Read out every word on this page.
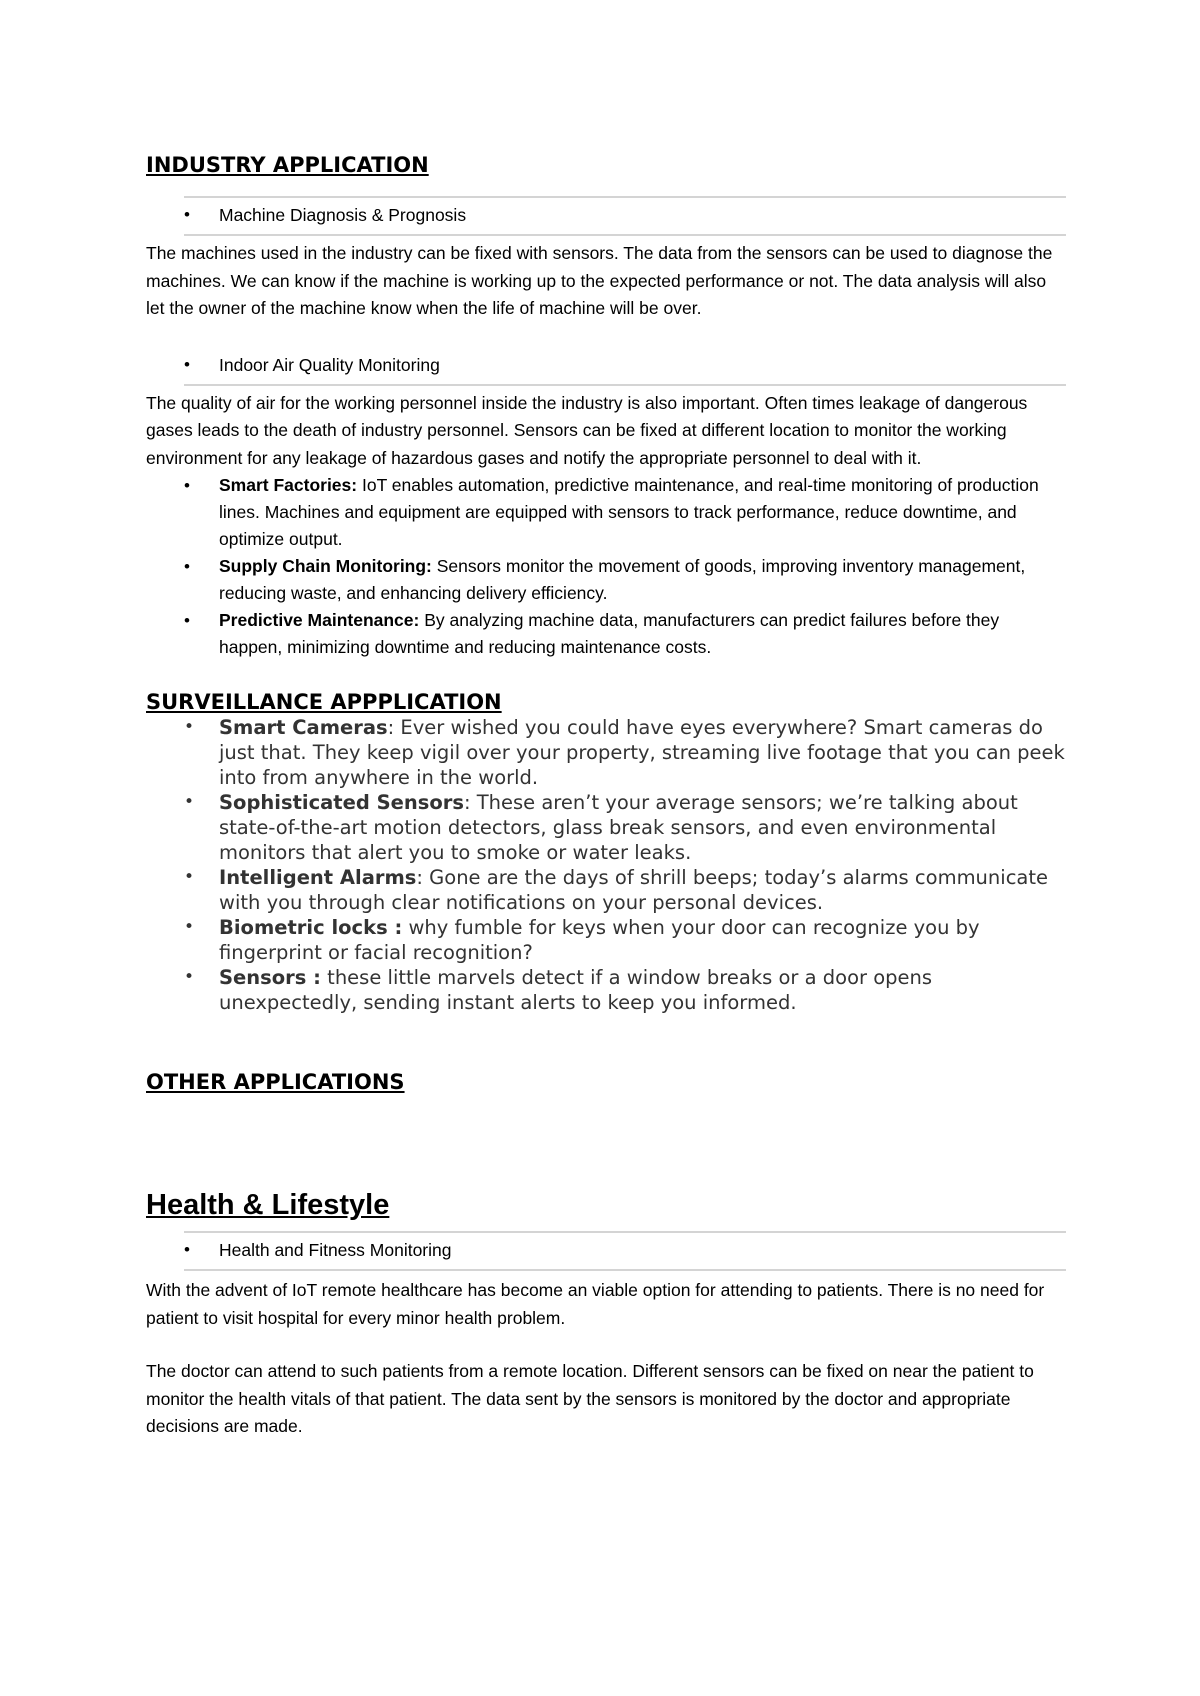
INDUSTRY APPLICATION
• Machine Diagnosis & Prognosis

The machines used in the industry can be fixed with sensors. The data from the sensors can be used to diagnose the machines. We can know if the machine is working up to the expected performance or not. The data analysis will also let the owner of the machine know when the life of machine will be over.

• Indoor Air Quality Monitoring

The quality of air for the working personnel inside the industry is also important. Often times leakage of dangerous gases leads to the death of industry personnel. Sensors can be fixed at different location to monitor the working environment for any leakage of hazardous gases and notify the appropriate personnel to deal with it.

• Smart Factories: IoT enables automation, predictive maintenance, and real-time monitoring of production lines. Machines and equipment are equipped with sensors to track performance, reduce downtime, and optimize output.
• Supply Chain Monitoring: Sensors monitor the movement of goods, improving inventory management, reducing waste, and enhancing delivery efficiency.
• Predictive Maintenance: By analyzing machine data, manufacturers can predict failures before they happen, minimizing downtime and reducing maintenance costs.
SURVEILLANCE APPPLICATION
• Smart Cameras: Ever wished you could have eyes everywhere? Smart cameras do just that. They keep vigil over your property, streaming live footage that you can peek into from anywhere in the world.
• Sophisticated Sensors: These aren’t your average sensors; we’re talking about state-of-the-art motion detectors, glass break sensors, and even environmental monitors that alert you to smoke or water leaks.
• Intelligent Alarms: Gone are the days of shrill beeps; today’s alarms communicate with you through clear notifications on your personal devices.
• Biometric locks : why fumble for keys when your door can recognize you by fingerprint or facial recognition?
• Sensors : these little marvels detect if a window breaks or a door opens unexpectedly, sending instant alerts to keep you informed.
OTHER APPLICATIONS
Health & Lifestyle
• Health and Fitness Monitoring

With the advent of IoT remote healthcare has become an viable option for attending to patients. There is no need for patient to visit hospital for every minor health problem.

The doctor can attend to such patients from a remote location. Different sensors can be fixed on near the patient to monitor the health vitals of that patient. The data sent by the sensors is monitored by the doctor and appropriate decisions are made.
